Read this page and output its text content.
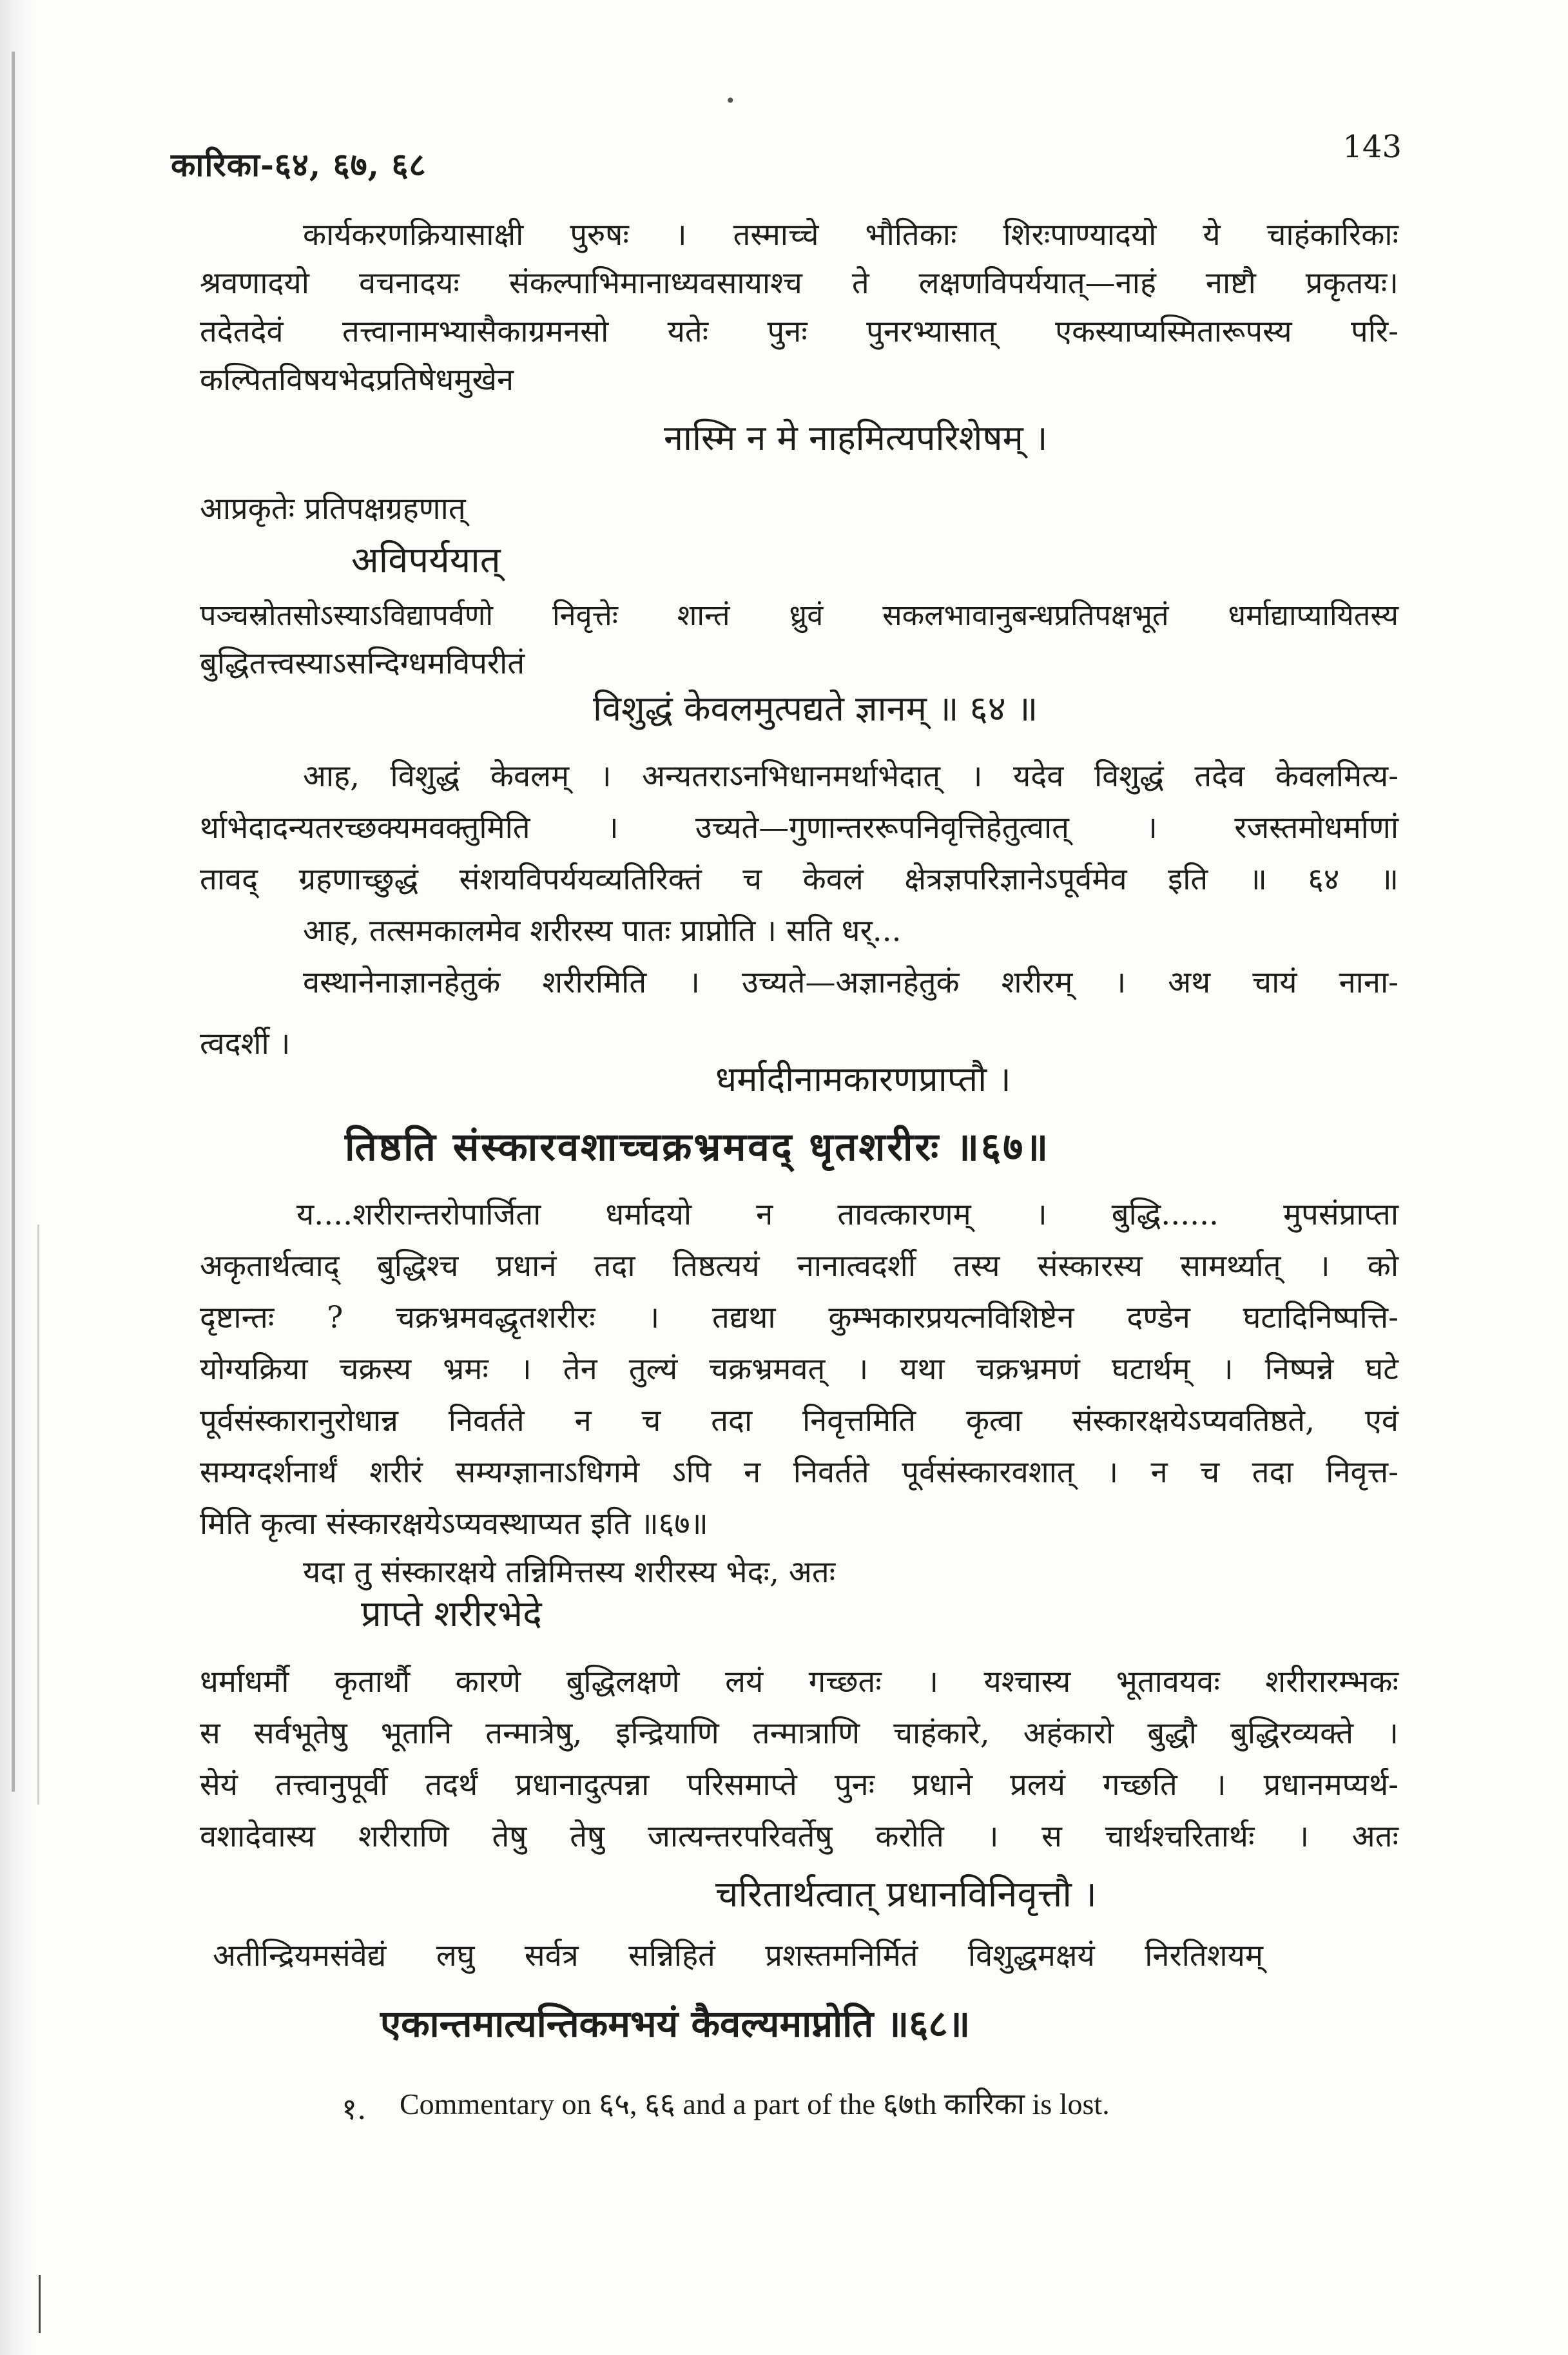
•
कारिका-६४, ६७, ६८	143
कार्यकरणक्रियासाक्षी पुरुषः । तस्माच्चे भौतिकाः शिरःपाण्यादयो ये चाहंकारिकाः
श्रवणादयो वचनादयः संकल्पाभिमानाध्यवसायाश्च ते लक्षणविपर्ययात्—नाहं नाष्टौ प्रकृतयः।
तदेतदेवं तत्त्वानामभ्यासैकाग्रमनसो यतेः पुनः पुनरभ्यासात् एकस्याप्यस्मितारूपस्य परि-
कल्पितविषयभेदप्रतिषेधमुखेन
नास्मि न मे नाहमित्यपरिशेषम् ।
आप्रकृतेः प्रतिपक्षग्रहणात्
अविपर्ययात्
पञ्चस्रोतसोऽस्याऽविद्यापर्वणो निवृत्तेः शान्तं ध्रुवं सकलभावानुबन्धप्रतिपक्षभूतं धर्माद्याप्यायितस्य
बुद्धितत्त्वस्याऽसन्दिग्धमविपरीतं
विशुद्धं केवलमुत्पद्यते ज्ञानम् ॥ ६४ ॥
आह, विशुद्धं केवलम् । अन्यतराऽनभिधानमर्थाभेदात् । यदेव विशुद्धं तदेव केवलमित्य-
र्थाभेदादन्यतरच्छक्यमवक्तुमिति । उच्यते—गुणान्तररूपनिवृत्तिहेतुत्वात् । रजस्तमोधर्माणां
तावद् ग्रहणाच्छुद्धं संशयविपर्ययव्यतिरिक्तं च केवलं क्षेत्रज्ञपरिज्ञानेऽपूर्वमेव इति ॥ ६४ ॥
आह, तत्समकालमेव शरीरस्य पातः प्राप्नोति । सति धर्...
वस्थानेनाज्ञानहेतुकं शरीरमिति । उच्यते—अज्ञानहेतुकं शरीरम् । अथ चायं नाना-
त्वदर्शी ।
धर्मादीनामकारणप्राप्तौ ।
तिष्ठति संस्कारवशाच्चक्रभ्रमवद् धृतशरीरः ॥६७॥
य....शरीरान्तरोपार्जिता धर्मादयो न तावत्कारणम् । बुद्धि...... मुपसंप्राप्ता
अकृतार्थत्वाद् बुद्धिश्च प्रधानं तदा तिष्ठत्ययं नानात्वदर्शी तस्य संस्कारस्य सामर्थ्यात् । को
दृष्टान्तः ? चक्रभ्रमवद्धृतशरीरः । तद्यथा कुम्भकारप्रयत्नविशिष्टेन दण्डेन घटादिनिष्पत्ति-
योग्यक्रिया चक्रस्य भ्रमः । तेन तुल्यं चक्रभ्रमवत् । यथा चक्रभ्रमणं घटार्थम् । निष्पन्ने घटे
पूर्वसंस्कारानुरोधान्न निवर्तते न च तदा निवृत्तमिति कृत्वा संस्कारक्षयेऽप्यवतिष्ठते, एवं
सम्यग्दर्शनार्थं शरीरं सम्यग्ज्ञानाऽधिगमे ऽपि न निवर्तते पूर्वसंस्कारवशात् । न च तदा निवृत्त-
मिति कृत्वा संस्कारक्षयेऽप्यवस्थाप्यत इति ॥६७॥
यदा तु संस्कारक्षये तन्निमित्तस्य शरीरस्य भेदः, अतः
प्राप्ते शरीरभेदे
धर्माधर्मौ कृतार्थौ कारणे बुद्धिलक्षणे लयं गच्छतः । यश्चास्य भूतावयवः शरीरारम्भकः
स सर्वभूतेषु भूतानि तन्मात्रेषु, इन्द्रियाणि तन्मात्राणि चाहंकारे, अहंकारो बुद्धौ बुद्धिरव्यक्ते ।
सेयं तत्त्वानुपूर्वी तदर्थं प्रधानादुत्पन्ना परिसमाप्ते पुनः प्रधाने प्रलयं गच्छति । प्रधानमप्यर्थ-
वशादेवास्य शरीराणि तेषु तेषु जात्यन्तरपरिवर्तेषु करोति । स चार्थश्चरितार्थः । अतः
चरितार्थत्वात् प्रधानविनिवृत्तौ ।
अतीन्द्रियमसंवेद्यं लघु सर्वत्र सन्निहितं प्रशस्तमनिर्मितं विशुद्धमक्षयं निरतिशयम्
एकान्तमात्यन्तिकमभयं कैवल्यमाप्नोति ॥६८॥
१. Commentary on ६५, ६६ and a part of the ६७th कारिका is lost.
